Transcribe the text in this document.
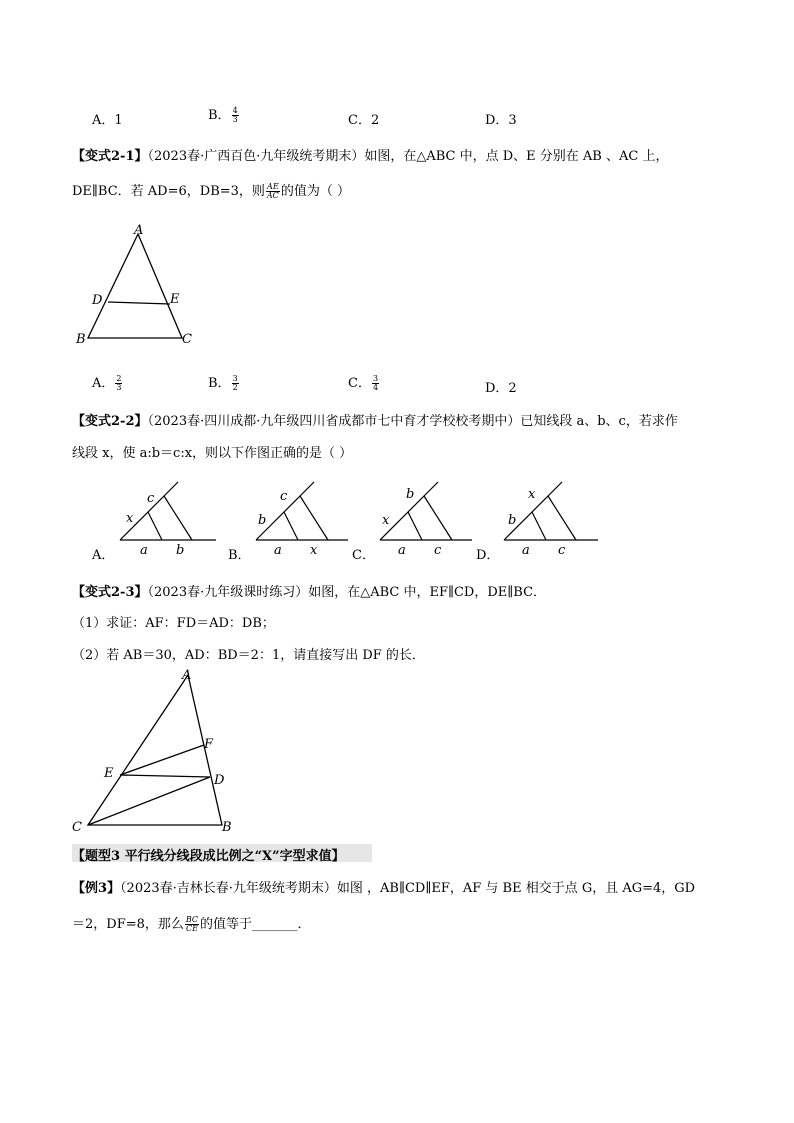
A．1	B． $\frac{4}{3}$	C．2	D．3
【变式2-1】（2023春·广西百色·九年级统考期末）如图，在△ABC 中，点 D、E 分别在 AB 、AC 上，
DE∥BC．若 AD=6，DB=3，则 $\frac{AE}{AC}$ 的值为（ ）
A
D	E
B	C
A． $\frac{2}{3}$	B． $\frac{3}{2}$	C． $\frac{3}{4}$	D．2
【变式2-2】（2023春·四川成都·九年级四川省成都市七中育才学校校考期中）已知线段 a、b、c，若求作
线段 x，使 a:b＝c:x，则以下作图正确的是（ ）
c
x
a b
A．
c
b
a x
B．
b
x
a c
C．
x
b
a c
D．
【变式2-3】（2023春·九年级课时练习）如图，在△ABC 中，EF∥CD，DE∥BC．
（1）求证：AF：FD＝AD：DB；
（2）若 AB＝30，AD：BD＝2：1，请直接写出 DF 的长．
A
F
E	D
C	B
【题型3 平行线分线段成比例之“X”字型求值】
【例3】（2023春·吉林长春·九年级统考期末）如图 ，AB∥CD∥EF，AF 与 BE 相交于点 G，且 AG=4，GD
＝2，DF=8，那么 $\frac{BC}{CE}$ 的值等于_______．
